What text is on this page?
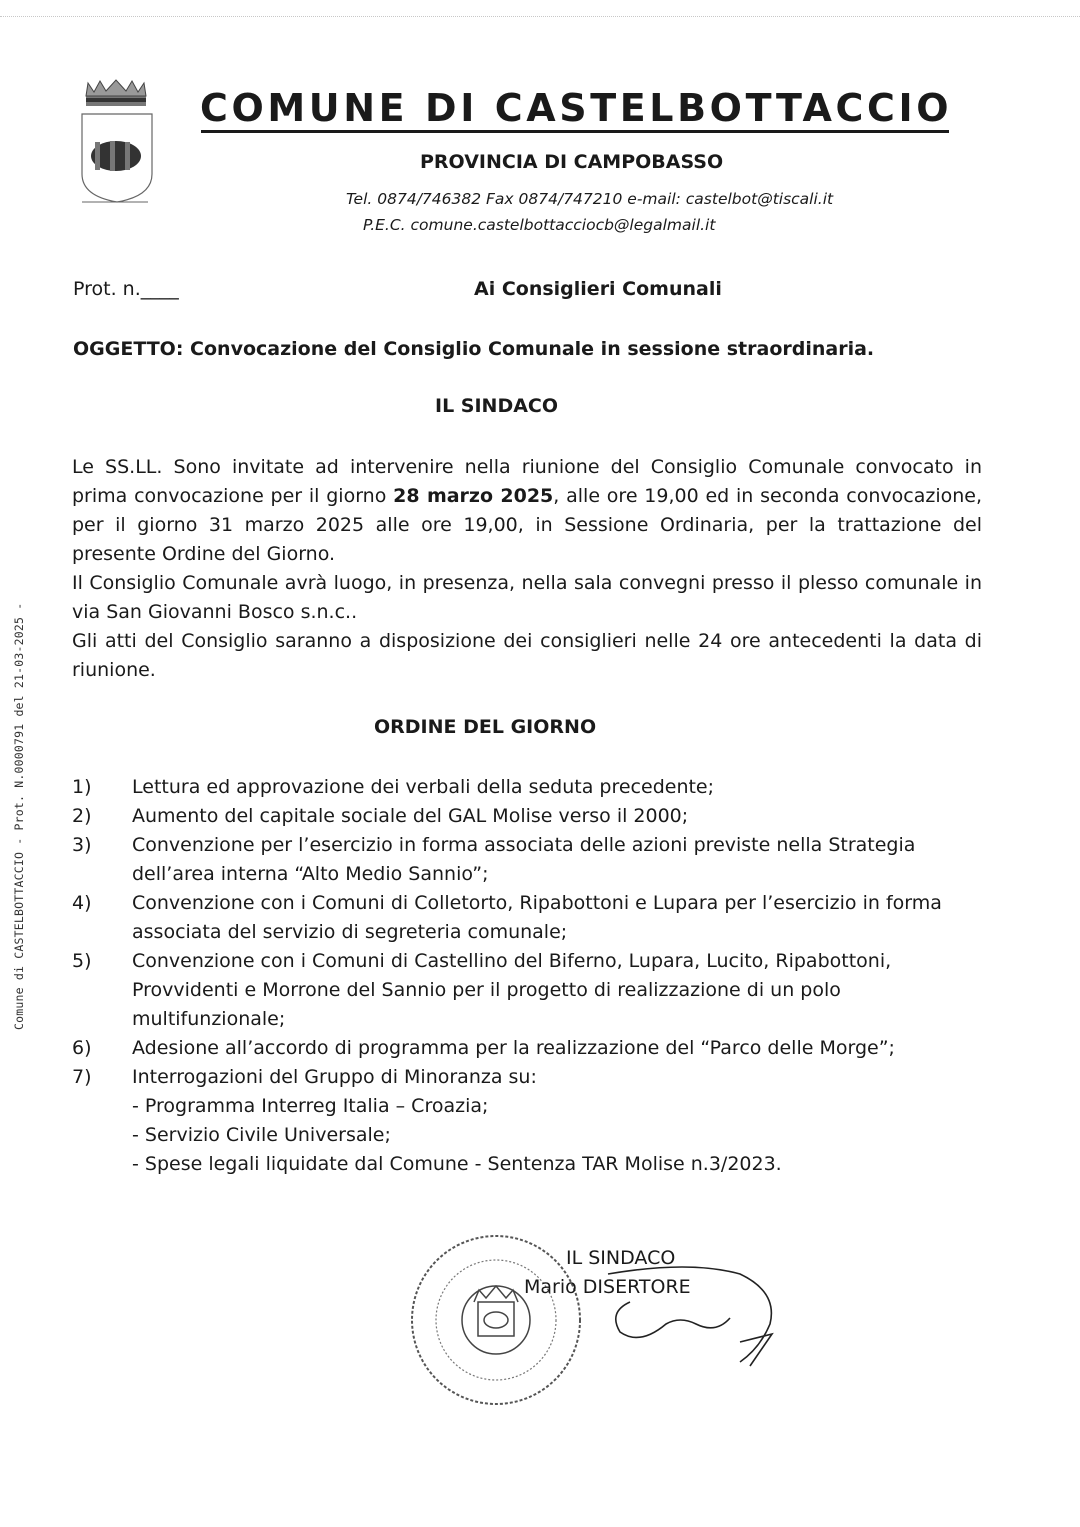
COMUNE DI CASTELBOTTACCIO
PROVINCIA DI CAMPOBASSO
Tel. 0874/746382 Fax 0874/747210 e-mail: castelbot@tiscali.it
P.E.C. comune.castelbottacciocb@legalmail.it
Prot. n.____	Ai Consiglieri Comunali
OGGETTO: Convocazione del Consiglio Comunale in sessione straordinaria.
IL SINDACO

Le SS.LL. Sono invitate ad intervenire nella riunione del Consiglio Comunale convocato in prima convocazione per il giorno 28 marzo 2025, alle ore 19,00 ed in seconda convocazione, per il giorno 31 marzo 2025 alle ore 19,00, in Sessione Ordinaria, per la trattazione del presente Ordine del Giorno.

Il Consiglio Comunale avrà luogo, in presenza, nella sala convegni presso il plesso comunale in via San Giovanni Bosco s.n.c..

Gli atti del Consiglio saranno a disposizione dei consiglieri nelle 24 ore antecedenti la data di riunione.

ORDINE DEL GIORNO
1)	Lettura ed approvazione dei verbali della seduta precedente;
2)	Aumento del capitale sociale del GAL Molise verso il 2000;
3)	Convenzione per l’esercizio in forma associata delle azioni previste nella Strategia dell’area interna “Alto Medio Sannio”;
4)	Convenzione con i Comuni di Colletorto, Ripabottoni e Lupara per l’esercizio in forma associata del servizio di segreteria comunale;
5)	Convenzione con i Comuni di Castellino del Biferno, Lupara, Lucito, Ripabottoni, Provvidenti e Morrone del Sannio per il progetto di realizzazione di un polo multifunzionale;
6)	Adesione all’accordo di programma per la realizzazione del “Parco delle Morge”;
7)	Interrogazioni del Gruppo di Minoranza su:
- Programma Interreg Italia – Croazia;
- Servizio Civile Universale;
- Spese legali liquidate dal Comune - Sentenza TAR Molise n.3/2023.
IL SINDACO
Mario DISERTORE
Comune di CASTELBOTTACCIO - Prot. N.0000791 del 21-03-2025 -
